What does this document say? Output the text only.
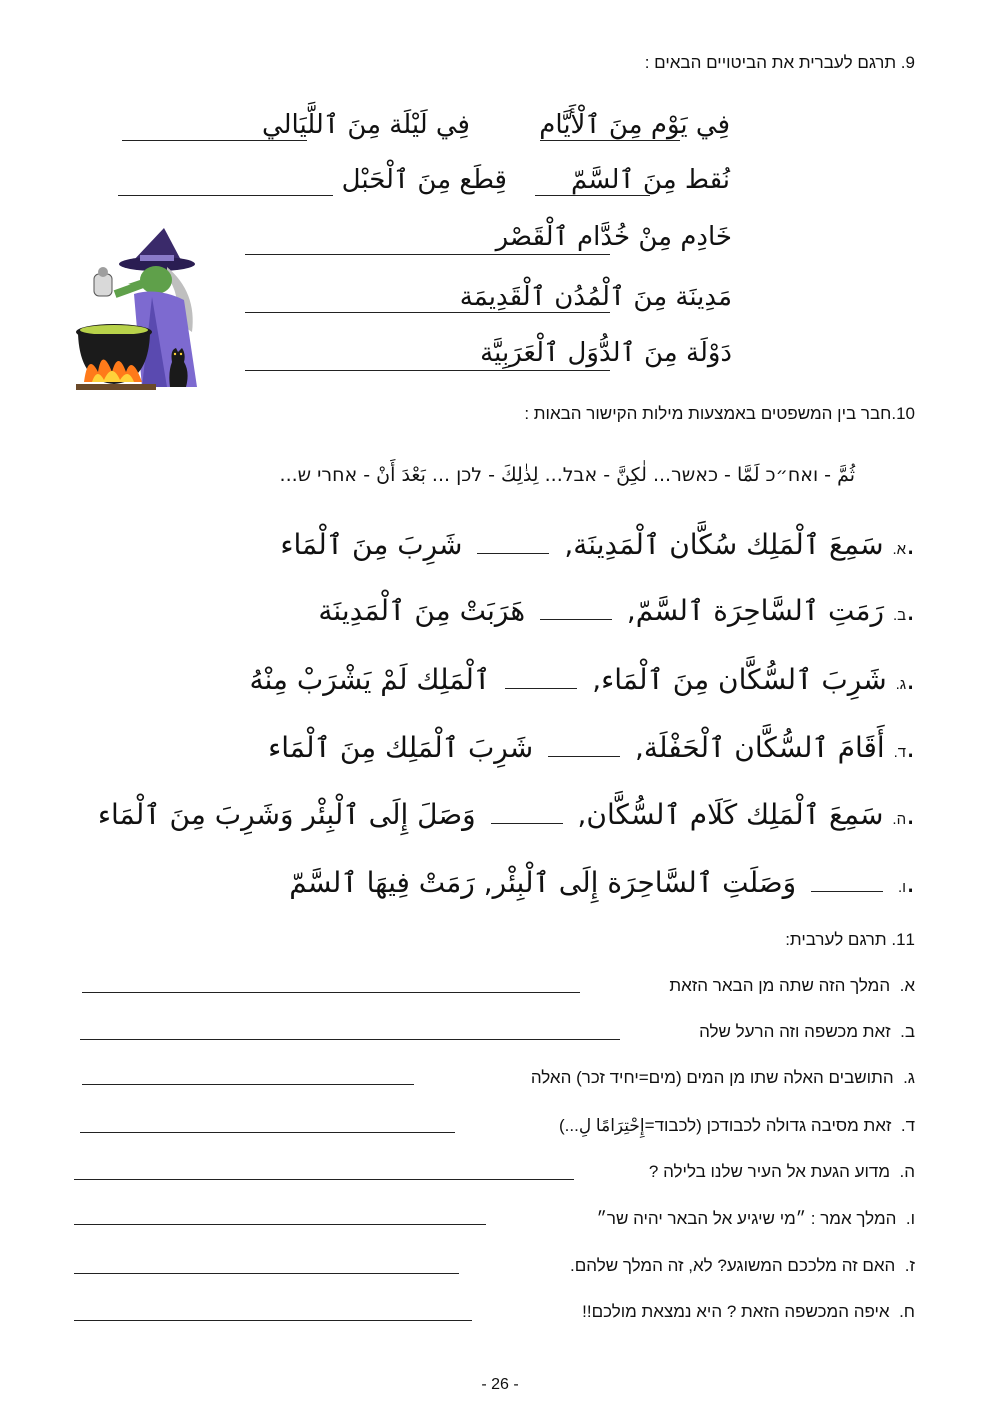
9. תרגם לעברית את הביטויים הבאים :
فِي يَوْم مِنَ ٱلْأَيَّام
فِي لَيْلَة مِنَ ٱللَّيَالي
نُقط مِنَ ٱلسَّمّ
قِطَع مِنَ ٱلْحَبْل
خَادِم مِنْ خُدَّام ٱلْقَصْر
مَدِينَة مِنَ ٱلْمُدُن ٱلْقَدِيمَة
دَوْلَة مِنَ ٱلدُّوَل ٱلْعَرَبِيَّة
10.חבר בין המשפטים באמצעות מילות הקישור הבאות :
ثُمَّ - ואח״כ لَمَّا - כאשר... لٰكِنَّ - אבל... لِذٰلِكَ - לכן ... بَعْدَ أَنْ - אחרי ש...
א. سَمِعَ ٱلْمَلِك سُكَّان ٱلْمَدِينَة,  شَرِبَ مِنَ ٱلْمَاء.
ב. رَمَتِ ٱلسَّاحِرَة ٱلسَّمّ,  هَرَبَتْ مِنَ ٱلْمَدِينَة.
ג. شَرِبَ ٱلسُّكَّان مِنَ ٱلْمَاء,  ٱلْمَلِك لَمْ يَشْرَبْ مِنْهُ.
ד. أَقَامَ ٱلسُّكَّان ٱلْحَفْلَة,  شَرِبَ ٱلْمَلِك مِنَ ٱلْمَاء.
ה. سَمِعَ ٱلْمَلِك كَلَام ٱلسُّكَّان,  وَصَلَ إِلَى ٱلْبِئْر وَشَرِبَ مِنَ ٱلْمَاء.
ו.  وَصَلَتِ ٱلسَّاحِرَة إِلَى ٱلْبِئْر, رَمَتْ فِيهَا ٱلسَّمّ.
11. תרגם לערבית:
א.  המלך הזה שתה מן הבאר הזאת
ב.  זאת מכשפה וזה הרעל שלה
ג.  התושבים האלה שתו מן המים (מים=יחיד זכר) האלה
ד.  זאת מסיבה גדולה לכבודכן (לכבוד=إِحْتِرَامًا لِ...)
ה.  מדוע הגעת אל העיר שלנו בלילה ?
ו.  המלך אמר : ״מי שיגיע אל הבאר יהיה שר״
ז.  האם זה מלככם המשוגע? לא, זה המלך שלהם.
ח.  איפה המכשפה הזאת ? היא נמצאת מולכם!!
- 26 -
